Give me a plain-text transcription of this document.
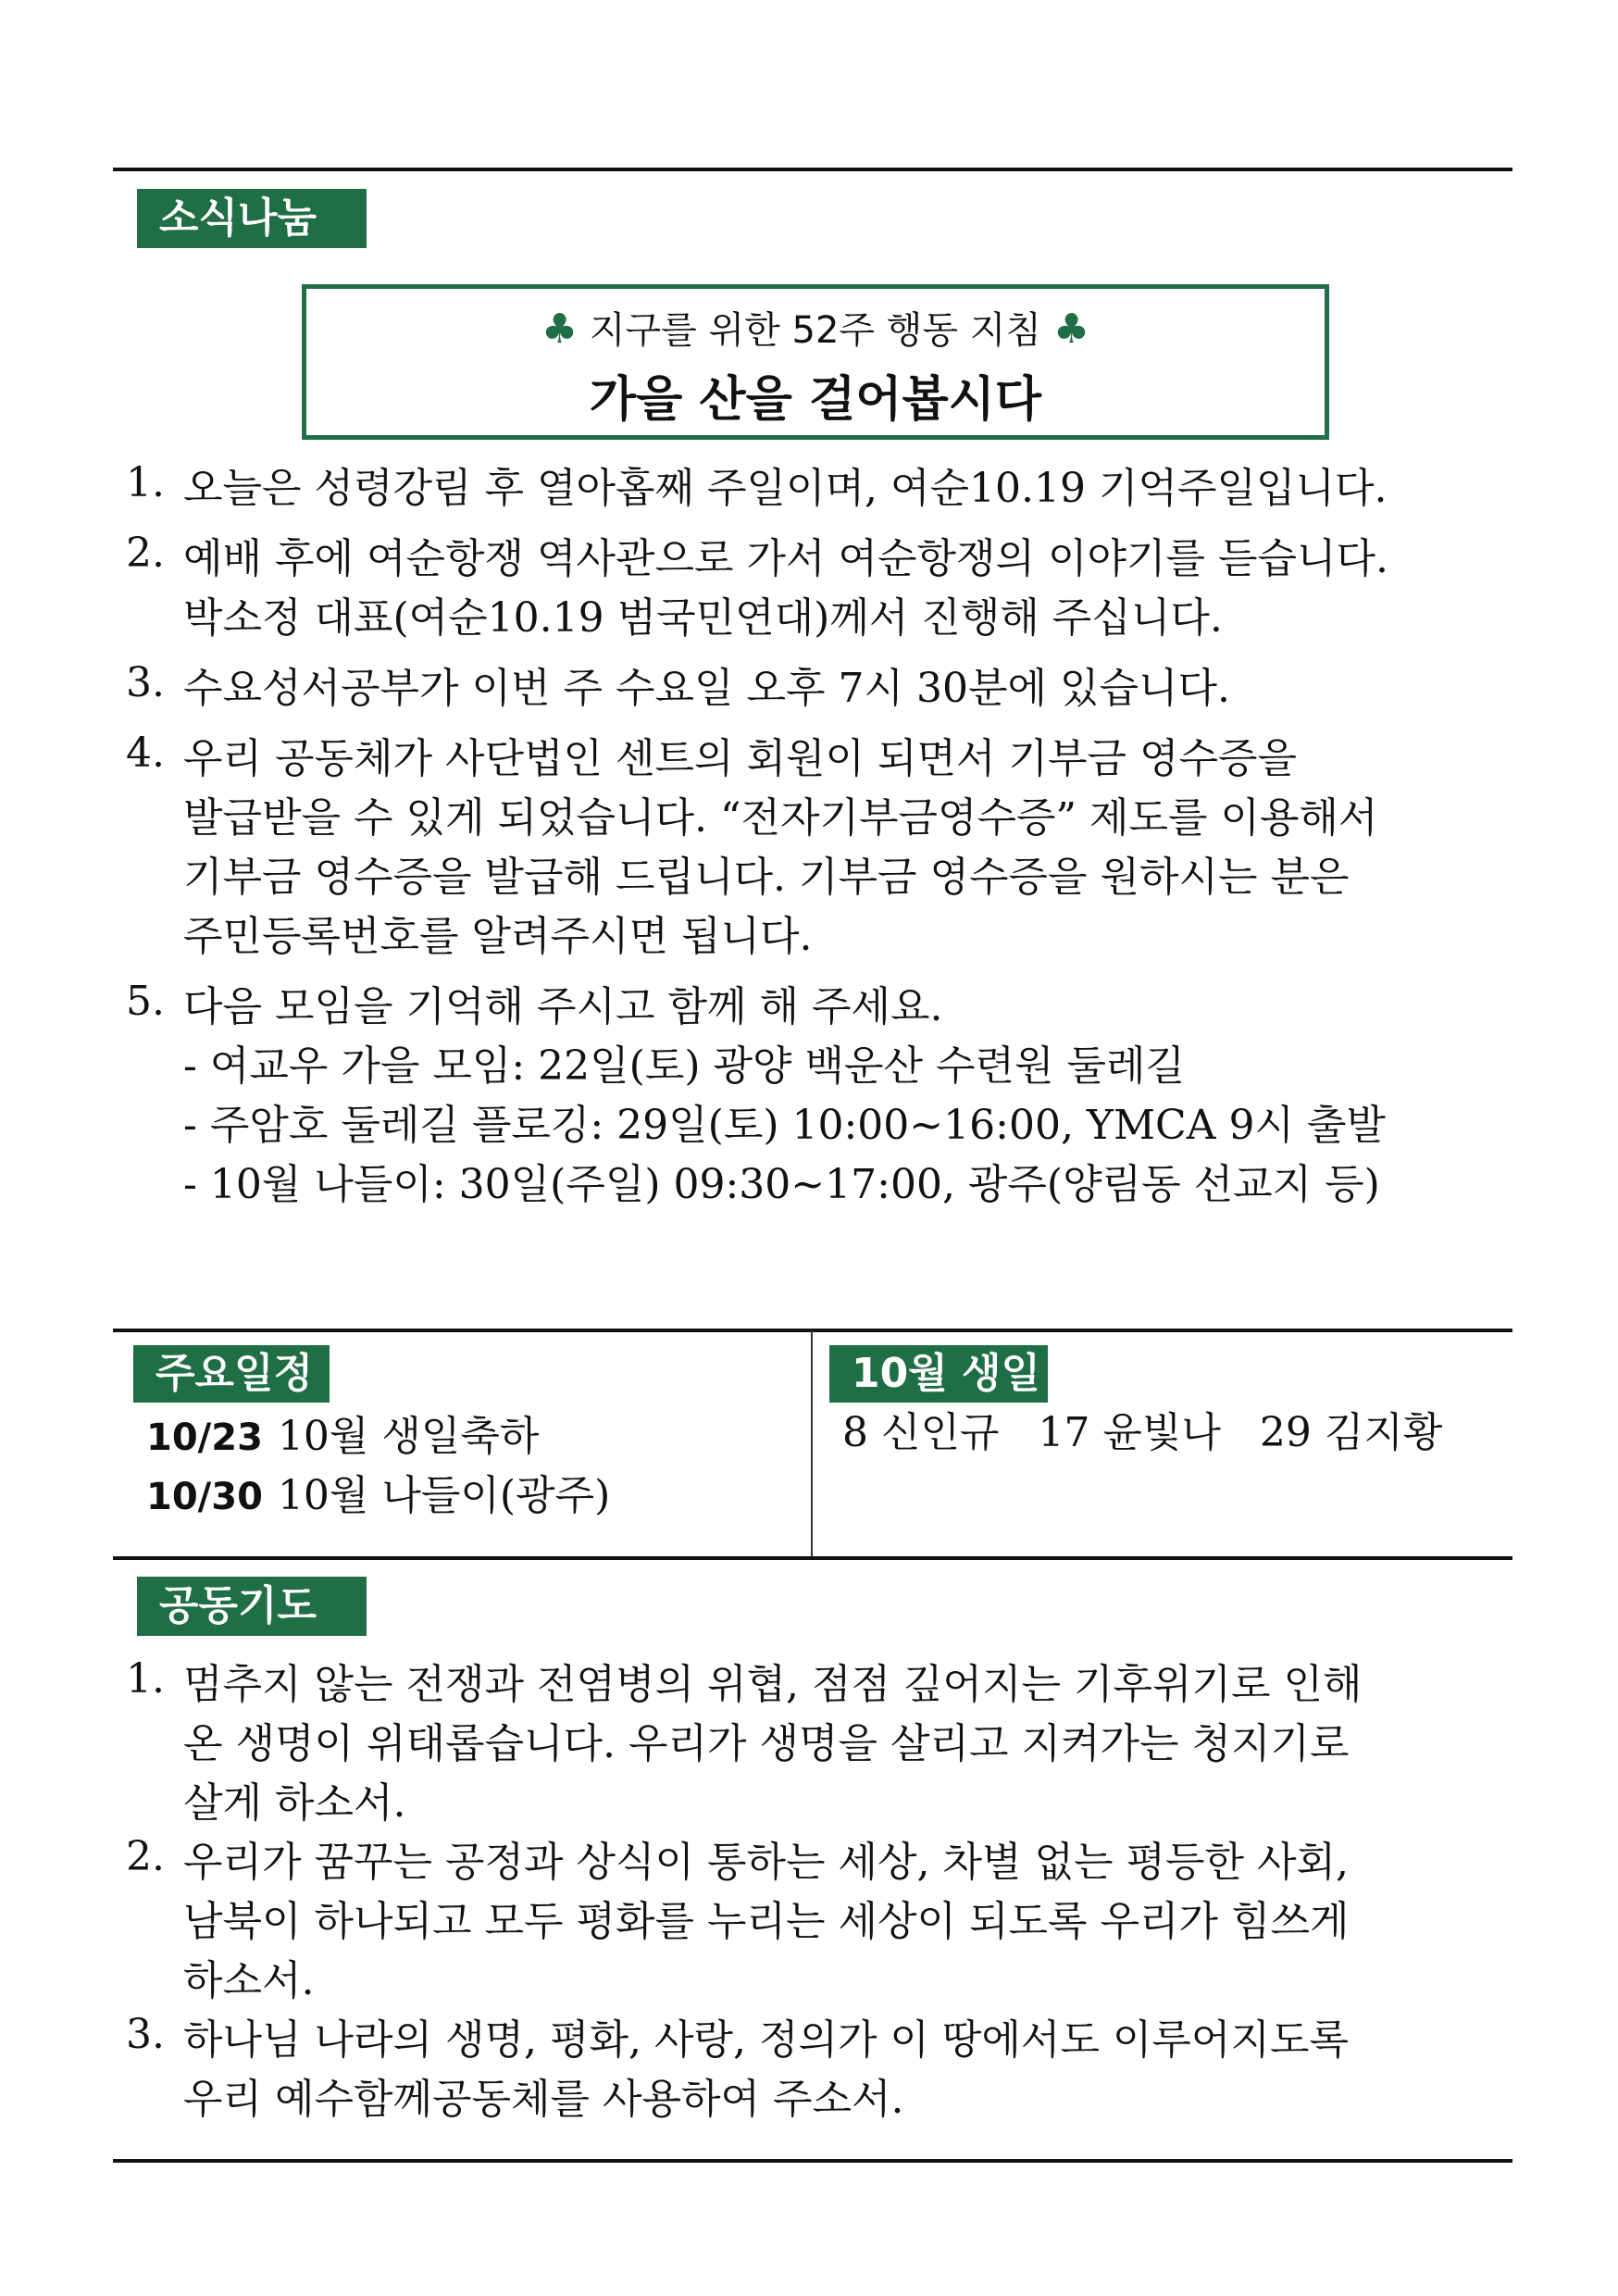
소식나눔
♣ 지구를 위한 52주 행동 지침 ♣
가을 산을 걸어봅시다
1. 오늘은 성령강림 후 열아홉째 주일이며, 여순10.19 기억주일입니다.
2. 예배 후에 여순항쟁 역사관으로 가서 여순항쟁의 이야기를 듣습니다.
박소정 대표(여순10.19 범국민연대)께서 진행해 주십니다.
3. 수요성서공부가 이번 주 수요일 오후 7시 30분에 있습니다.
4. 우리 공동체가 사단법인 센트의 회원이 되면서 기부금 영수증을
발급받을 수 있게 되었습니다. “전자기부금영수증” 제도를 이용해서
기부금 영수증을 발급해 드립니다. 기부금 영수증을 원하시는 분은
주민등록번호를 알려주시면 됩니다.
5. 다음 모임을 기억해 주시고 함께 해 주세요.
- 여교우 가을 모임: 22일(토) 광양 백운산 수련원 둘레길
- 주암호 둘레길 플로깅: 29일(토) 10:00~16:00, YMCA 9시 출발
- 10월 나들이: 30일(주일) 09:30~17:00, 광주(양림동 선교지 등)
주요일정
10/23 10월 생일축하
10/30 10월 나들이(광주)
10월 생일
8 신인규   17 윤빛나   29 김지황
공동기도
1. 멈추지 않는 전쟁과 전염병의 위협, 점점 깊어지는 기후위기로 인해
온 생명이 위태롭습니다. 우리가 생명을 살리고 지켜가는 청지기로
살게 하소서.
2. 우리가 꿈꾸는 공정과 상식이 통하는 세상, 차별 없는 평등한 사회,
남북이 하나되고 모두 평화를 누리는 세상이 되도록 우리가 힘쓰게
하소서.
3. 하나님 나라의 생명, 평화, 사랑, 정의가 이 땅에서도 이루어지도록
우리 예수함께공동체를 사용하여 주소서.
